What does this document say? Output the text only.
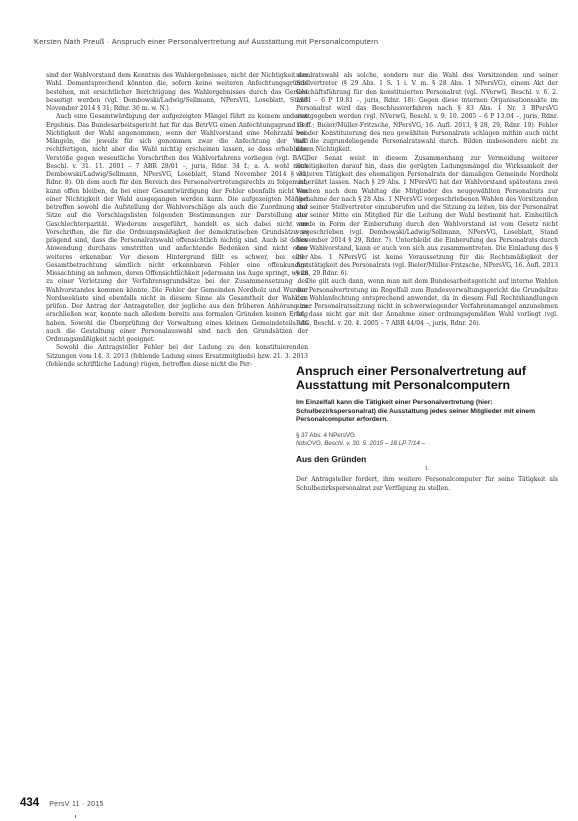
Kersten Nath Preuß · Anspruch einer Personalvertretung auf Ausstattung mit Personalcomputern

sind der Wahlvorstand dem Kenntnis des Wahlergebnisses, nicht der Nichtigkeit der Wahl. Dementsprechend könnten die, sofern keine weiteren Anfechtungsgründe bestehen, mit ersichtlicher Berichtigung des Wahlergebnisses durch das Gericht beseitigt werden (vgl. Dembowski/Ladwig/Sellmann, NPersVG, Loseblatt, Stand November 2014 § 31, Rdnr. 36 m. w. N.).

Auch eine Gesamtwürdigung der aufgezeigten Mängel führt zu keinem anderen Ergebnis. Das Bundesarbeitsgericht hat für das BetrVG einen Anfechtungsgrund der Nichtigkeit der Wahl angenommen, wenn der Wahlvorstand eine Mehrzahl von Mängeln, die jeweils für sich genommen zwar die Anfechtung der Wahl rechtfertigen, nicht aber die Wahl nichtig erscheinen lassen, so dass erhebliche Verstöße gegen wesentliche Vorschriften des Wahlverfahrens vorliegen (vgl. BAG, Beschl. v. 31. 11. 2001 – 7 ABR 28/01 –, juris, Rdnr. 34 f.; a. A. wohl noch Dembowski/Ladwig/Sellmann, NPersVG, Loseblatt, Stand November 2014 § 31, Rdnr. 8). Ob dem auch für den Bereich des Personalvertretungsrechts zu folgen ist, kann offen bleiben, da bei einer Gesamtwürdigung der Fehler ebenfalls nicht von einer Nichtigkeit der Wahl ausgegangen werden kann. Die aufgezeigten Mängel betreffen sowohl die Aufstellung der Wahlvorschläge als auch die Zuordnung der Sitze auf die Vorschlagslisten folgenden Bestimmungen zur Darstellung der Geschlechterparität. Wiederum ausgeführt, handelt es sich dabei nicht um Vorschriften, die für die Ordnungsmäßigkeit der demokratischen Grundsätze so prägend sind, dass die Personalratswahl offensichtlich nichtig sind. Auch ist deren Anwendung durchaus umstritten und anfechtende Bedenken sind nicht ohne weiteres erkennbar. Vor diesem Hintergrund fällt es schwer, bei einer Gesamtbetrachtung sämtlich nicht erkennbaren Fehler eine offenkundige Missachtung an nehmen, deren Offensichtlichkeit jedermann ins Auge springt, wenn zu einer Verletzung der Verfahrensgrundsätze bei der Zusammensetzung des Wahlvorstandes kommen könnte. Die Fehler der Gemeinden Nordholz und Wurster Nordseeküste sind ebenfalls nicht in diesem Sinne als Gesamtheit der Wahl zu prüfen. Der Antrag der Antragsteller, der jegliche aus den früheren Anhörung zu erschließen war, konnte nach alledem bereits aus formalen Gründen keinen Erfolg haben. Sowohl die Überprüfung der Verwaltung eines kleinen Gemeindeteils als auch die Gestaltung einer Personalauswahl sind nach den Grundsätzen der Ordnungsmäßigkeit nicht geeignet.

Sowohl die Antragsteller Fehler bei der Ladung zu den konstituierenden Sitzungen vom 14. 3. 2013 (fehlende Ladung eines Ersatzmitglieds) bzw. 21. 3. 2013 (fehlende schriftliche Ladung) rügen, betreffen diese nicht die Per-

sonalratswahl als solche, sondern nur die Wahl des Vorsitzenden und seiner Stellvertreter (§ 29 Abs. 1 S. 1 i. V. m. § 28 Abs. 1 NPersVG), einem Akt der Geschäftsführung für den konstituierten Personalrat (vgl. NVerwG, Beschl. v. 6. 2. 1981 – 6 P 19.81 –, juris, Rdnr. 18). Gegen diese internen Organisationsakte im Personalrat wird das Beschlussverfahren nach § 83 Abs. 1 Nr. 3 BPersVG stattgegeben werden (vgl. NVerwG, Beschl. v. 9. 10. 2005 – 6 P 13.04 –, juris, Rdnr. 13 ff.; Bieler/Müller-Fritzsche, NPersVG, 16. Aufl. 2013, § 28, 29, Rdnr. 19). Fehler bei der Konstituierung des neu gewählten Personalrats schlagen mithin auch nicht auf die zugrundeliegende Personalratswahl durch. Bilden insbesondere nicht zu deren Nichtigkeit.

Der Senat weist in diesem Zusammenhang zur Vermeidung weiterer Streitigkeiten darauf hin, dass die gerügten Ladungsmängel die Wirksamkeit der weiteren Tätigkeit des ehemaligen Personalrats der damaligen Gemeinde Nordholz unberührt lassen. Nach § 29 Abs. 1 NPersVG hat der Wahlvorstand spätestens zwei Wochen nach dem Wahltag die Mitglieder des neugewählten Personalrats zur Vornahme der nach § 28 Abs. 1 NPersVG vorgeschriebenen Wahlen des Vorsitzenden und seiner Stellvertreter einzuberufen und die Sitzung zu leiten, bis der Personalrat aus seiner Mitte ein Mitglied für die Leitung der Wahl bestimmt hat. Einheitlich wurde in Form der Einberufung durch den Wahlvorstand ist vom Gesetz nicht vorgeschrieben (vgl. Dembowski/Ladwig/Sellmann, NPersVG, Loseblatt, Stand November 2014 § 29, Rdnr. 7). Unterbleibt die Einberufung des Personalrats durch den Wahlvorstand, kann er auch von sich aus zusammentreten. Die Einladung des § 29 Abs. 1 NPersVG ist keine Voraussetzung für die Rechtsmäßigkeit der Amtstätigkeit des Personalrats (vgl. Bieler/Müller-Fritzsche, NPersVG, 16. Aufl. 2013 § 28, 29 Rdnr. 6).

Die gilt auch dann, wenn man mit dem Bundesarbeitsgericht auf interne Wahlen der Personalvertretung im Regelfall zum Bundesverwaltungsgericht die Grundsätze der Wahlanfechtung entsprechend anwendet, da in diesem Fall Rechtshandlungen einer Personalratssitzung nicht in schwerwiegender Verfahrensmangel anzunehmen ist, dass nicht gar mit der Annahme einer ordnungsgemäßen Wahl vorliegt (vgl. BAG, Beschl. v. 20. 4. 2005 – 7 ABR 44/04 –, juris, Rdnr. 26).

Anspruch einer Personalvertretung auf Ausstattung mit Personalcomputern
Im Einzelfall kann die Tätigkeit einer Personalvertretung (hier: Schulbezirkspersonalrat) die Ausstattung jedes seiner Mitglieder mit einem Personalcomputer erfordern.
§ 37 Abs. 4 NPersVG
NdsOVG, Beschl. v. 30. 5. 2015 – 18 LP 7/14 –
Aus den Gründen
I.

Der Antragsteller fordert, ihm weitere Personalcomputer für seine Tätigkeit als Schulbezirkspersonalrat zur Verfügung zu stellen.

434 PersV 11 · 2015
